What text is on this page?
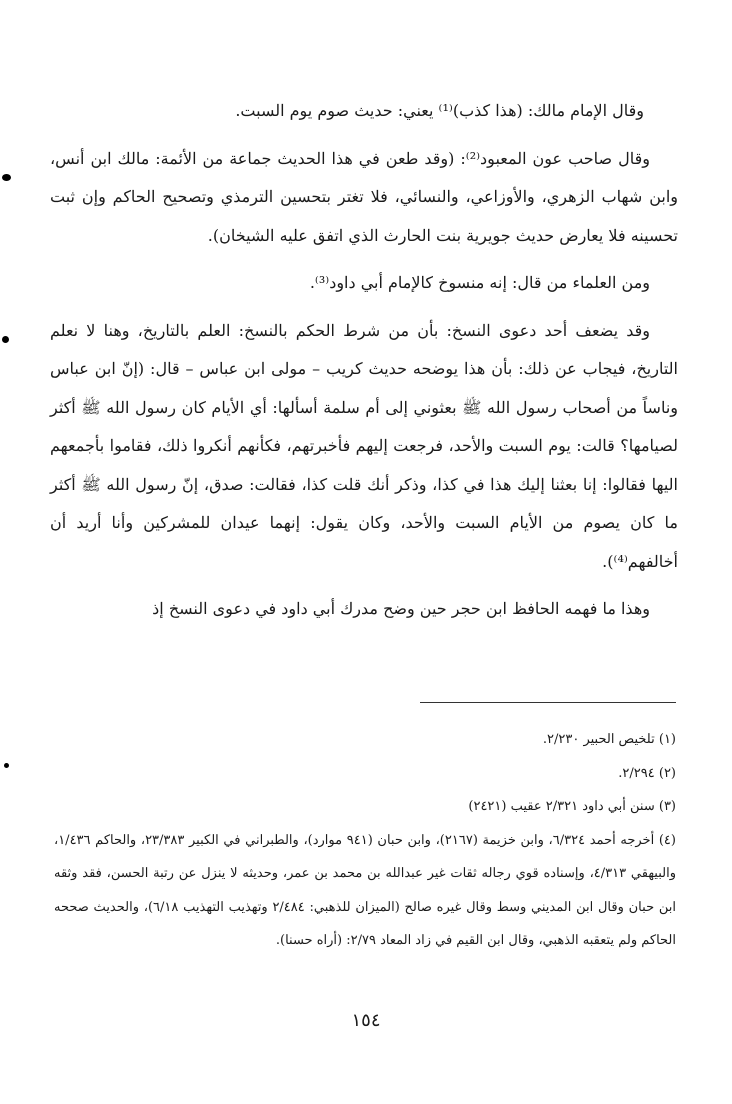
وقال الإمام مالك: (هذا كذب)⁽¹⁾ يعني: حديث صوم يوم السبت.

وقال صاحب عون المعبود⁽²⁾: (وقد طعن في هذا الحديث جماعة من الأئمة: مالك ابن أنس، وابن شهاب الزهري، والأوزاعي، والنسائي، فلا تغتر بتحسين الترمذي وتصحيح الحاكم وإن ثبت تحسينه فلا يعارض حديث جويرية بنت الحارث الذي اتفق عليه الشيخان).

ومن العلماء من قال: إنه منسوخ كالإمام أبي داود⁽³⁾.

وقد يضعف أحد دعوى النسخ: بأن من شرط الحكم بالنسخ: العلم بالتاريخ، وهنا لا نعلم التاريخ، فيجاب عن ذلك: بأن هذا يوضحه حديث كريب – مولى ابن عباس – قال: (إنّ ابن عباس وناساً من أصحاب رسول الله ﷺ بعثوني إلى أم سلمة أسألها: أي الأيام كان رسول الله ﷺ أكثر لصيامها؟ قالت: يوم السبت والأحد، فرجعت إليهم فأخبرتهم، فكأنهم أنكروا ذلك، فقاموا بأجمعهم اليها فقالوا: إنا بعثنا إليك هذا في كذا، وذكر أنك قلت كذا، فقالت: صدق، إنّ رسول الله ﷺ أكثر ما كان يصوم من الأيام السبت والأحد، وكان يقول: إنهما عيدان للمشركين وأنا أريد أن أخالفهم⁽⁴⁾).

وهذا ما فهمه الحافظ ابن حجر حين وضح مدرك أبي داود في دعوى النسخ إذ

(١) تلخيص الحبير ٢/٢٣٠.

(٢) ٢/٢٩٤.

(٣) سنن أبي داود ٢/٣٢١ عقيب (٢٤٢١)

(٤) أخرجه أحمد ٦/٣٢٤، وابن خزيمة (٢١٦٧)، وابن حبان (٩٤١ موارد)، والطبراني في الكبير ٢٣/٣٨٣، والحاكم ١/٤٣٦، والبيهقي ٤/٣١٣، وإسناده قوي رجاله ثقات غير عبدالله بن محمد بن عمر، وحديثه لا ينزل عن رتبة الحسن، فقد وثقه ابن حبان وقال ابن المديني وسط وقال غيره صالح (الميزان للذهبي: ٢/٤٨٤ وتهذيب التهذيب ٦/١٨)، والحديث صححه الحاكم ولم يتعقبه الذهبي، وقال ابن القيم في زاد المعاد ٢/٧٩: (أراه حسنا).

١٥٤
